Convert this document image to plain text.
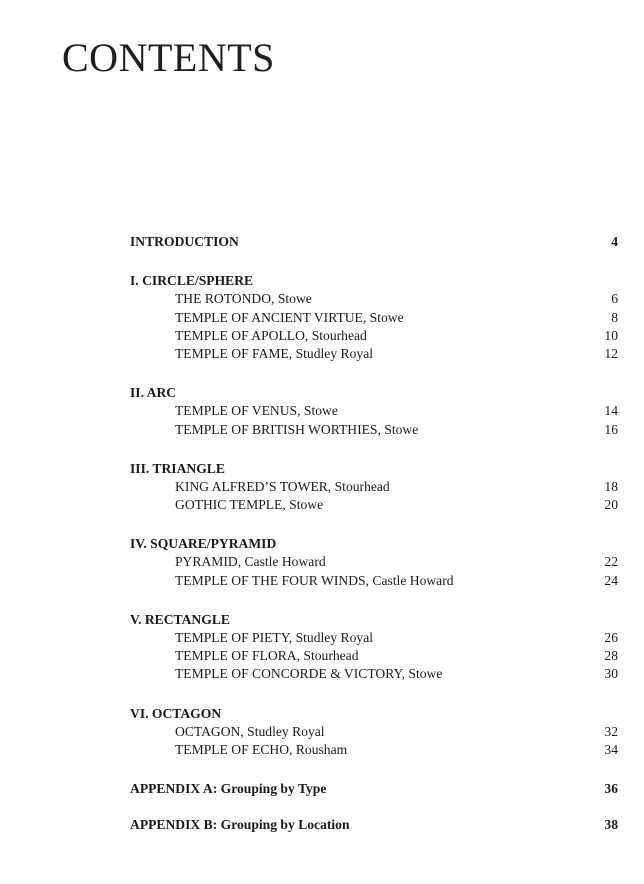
CONTENTS
INTRODUCTION	4
I. CIRCLE/SPHERE
THE ROTONDO, Stowe	6
TEMPLE OF ANCIENT VIRTUE, Stowe	8
TEMPLE OF APOLLO, Stourhead	10
TEMPLE OF FAME, Studley Royal	12
II. ARC
TEMPLE OF VENUS, Stowe	14
TEMPLE OF BRITISH WORTHIES, Stowe	16
III. TRIANGLE
KING ALFRED’S TOWER, Stourhead	18
GOTHIC TEMPLE, Stowe	20
IV. SQUARE/PYRAMID
PYRAMID, Castle Howard	22
TEMPLE OF THE FOUR WINDS, Castle Howard	24
V. RECTANGLE
TEMPLE OF PIETY, Studley Royal	26
TEMPLE OF FLORA, Stourhead	28
TEMPLE OF CONCORDE & VICTORY, Stowe	30
VI. OCTAGON
OCTAGON, Studley Royal	32
TEMPLE OF ECHO, Rousham	34
APPENDIX A: Grouping by Type	36
APPENDIX B: Grouping by Location	38
